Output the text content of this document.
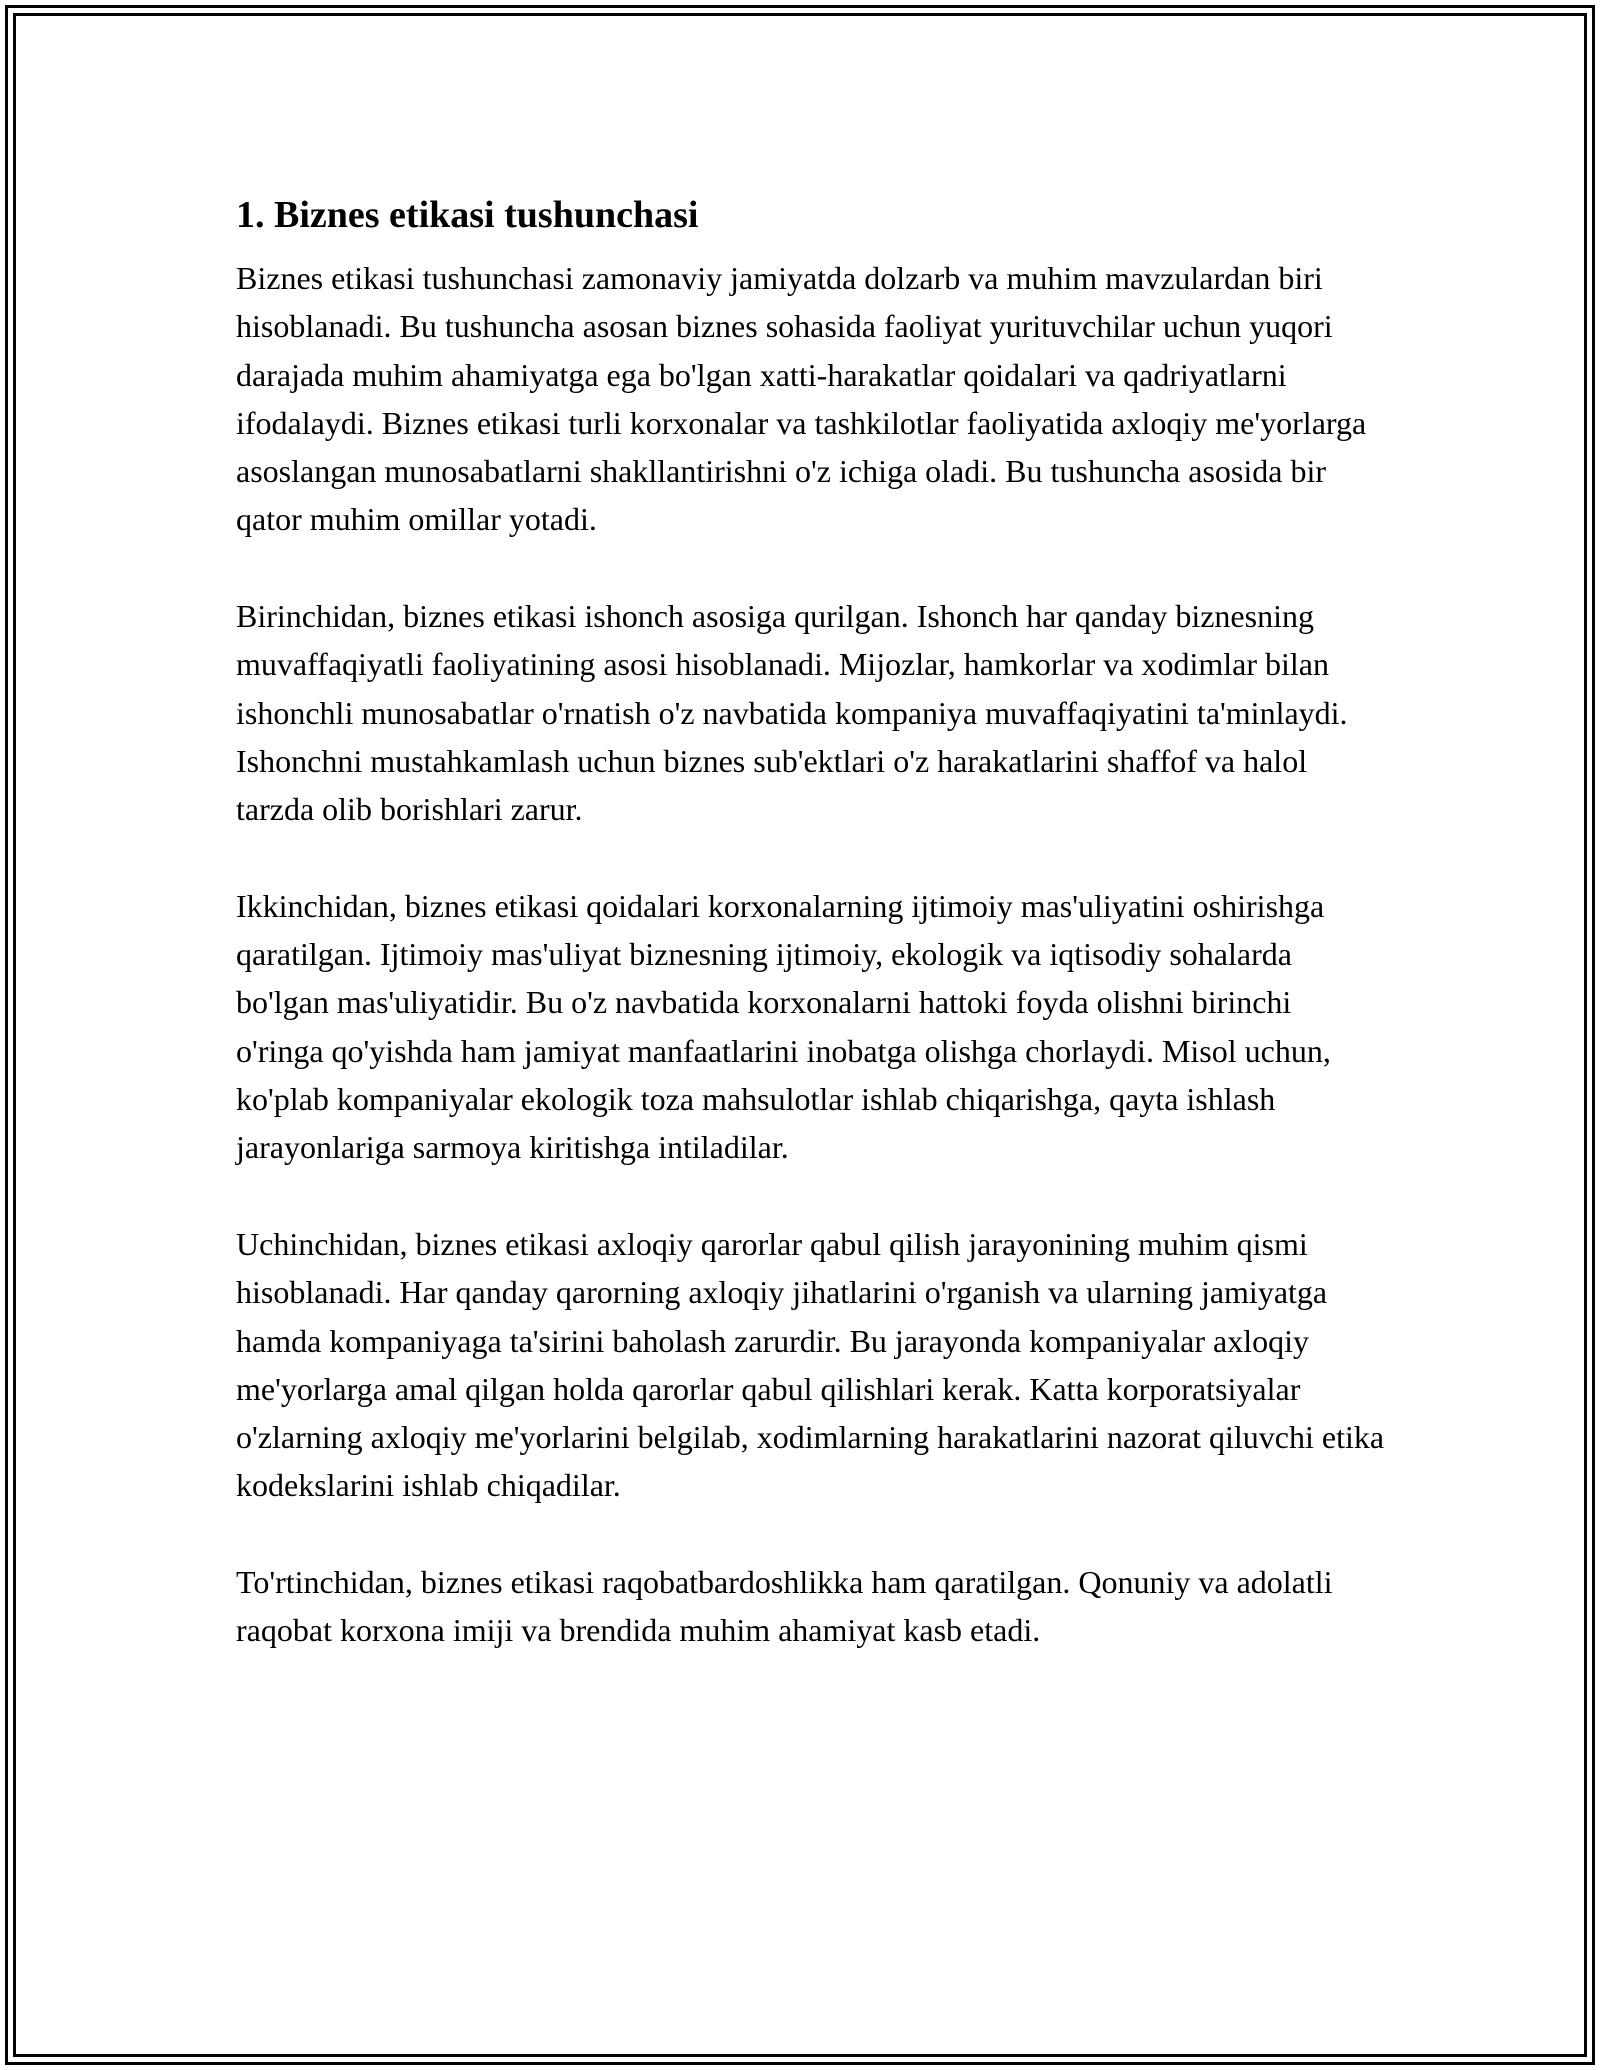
1. Biznes etikasi tushunchasi

Biznes etikasi tushunchasi zamonaviy jamiyatda dolzarb va muhim mavzulardan biri hisoblanadi. Bu tushuncha asosan biznes sohasida faoliyat yurituvchilar uchun yuqori darajada muhim ahamiyatga ega bo'lgan xatti-harakatlar qoidalari va qadriyatlarni ifodalaydi. Biznes etikasi turli korxonalar va tashkilotlar faoliyatida axloqiy me'yorlarga asoslangan munosabatlarni shakllantirishni o'z ichiga oladi. Bu tushuncha asosida bir qator muhim omillar yotadi.

Birinchidan, biznes etikasi ishonch asosiga qurilgan. Ishonch har qanday biznesning muvaffaqiyatli faoliyatining asosi hisoblanadi. Mijozlar, hamkorlar va xodimlar bilan ishonchli munosabatlar o'rnatish o'z navbatida kompaniya muvaffaqiyatini ta'minlaydi. Ishonchni mustahkamlash uchun biznes sub'ektlari o'z harakatlarini shaffof va halol tarzda olib borishlari zarur.

Ikkinchidan, biznes etikasi qoidalari korxonalarning ijtimoiy mas'uliyatini oshirishga qaratilgan. Ijtimoiy mas'uliyat biznesning ijtimoiy, ekologik va iqtisodiy sohalarda bo'lgan mas'uliyatidir. Bu o'z navbatida korxonalarni hattoki foyda olishni birinchi o'ringa qo'yishda ham jamiyat manfaatlarini inobatga olishga chorlaydi. Misol uchun, ko'plab kompaniyalar ekologik toza mahsulotlar ishlab chiqarishga, qayta ishlash jarayonlariga sarmoya kiritishga intiladilar.

Uchinchidan, biznes etikasi axloqiy qarorlar qabul qilish jarayonining muhim qismi hisoblanadi. Har qanday qarorning axloqiy jihatlarini o'rganish va ularning jamiyatga hamda kompaniyaga ta'sirini baholash zarurdir. Bu jarayonda kompaniyalar axloqiy me'yorlarga amal qilgan holda qarorlar qabul qilishlari kerak. Katta korporatsiyalar o'zlarning axloqiy me'yorlarini belgilab, xodimlarning harakatlarini nazorat qiluvchi etika kodekslarini ishlab chiqadilar.

To'rtinchidan, biznes etikasi raqobatbardoshlikka ham qaratilgan. Qonuniy va adolatli raqobat korxona imiji va brendida muhim ahamiyat kasb etadi.
